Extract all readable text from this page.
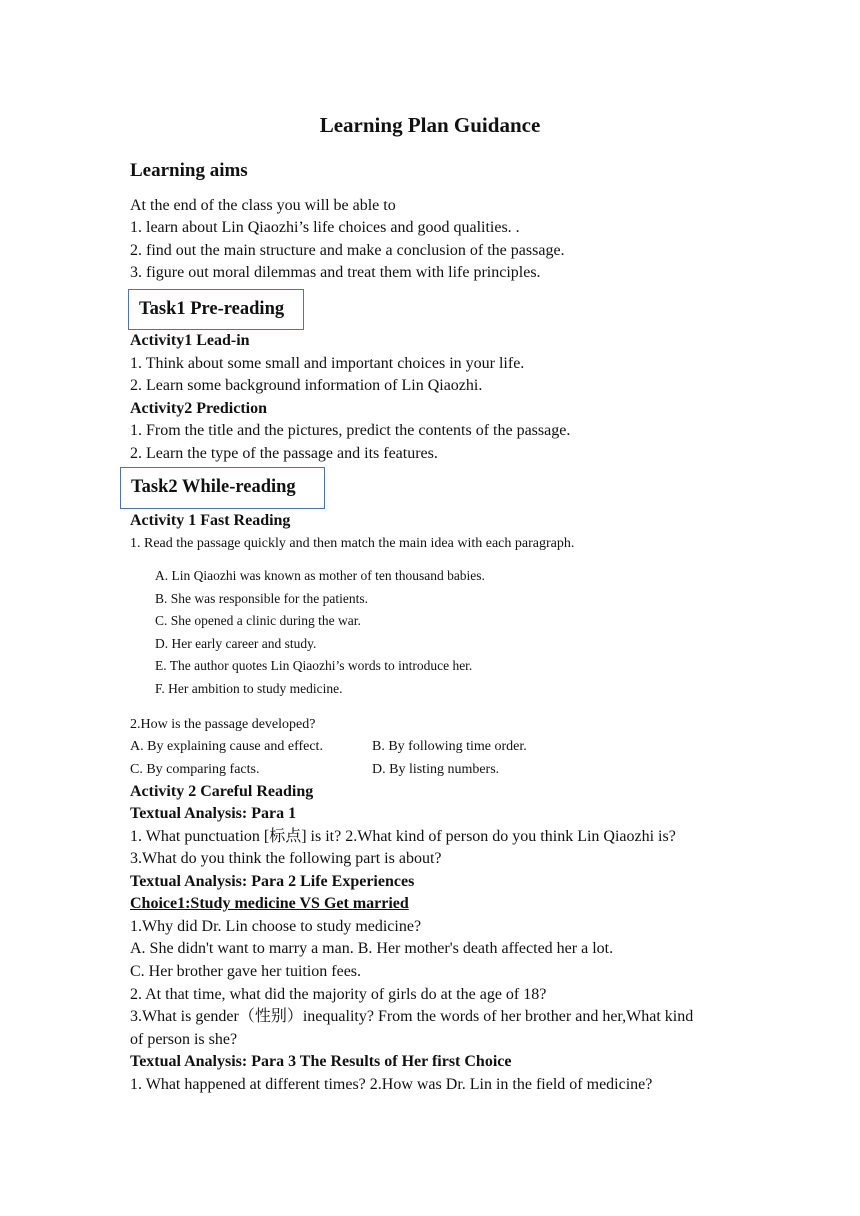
Learning Plan Guidance
Learning aims
At the end of the class you will be able to
1. learn about Lin Qiaozhi’s life choices and good qualities. .
2. find out the main structure and make a conclusion of the passage.
3. figure out moral dilemmas and treat them with life principles.
Task1 Pre-reading
Activity1 Lead-in
1. Think about some small and important choices in your life.
2. Learn some background information of Lin Qiaozhi.
Activity2 Prediction
1. From the title and the pictures, predict the contents of the passage.
2. Learn the type of the passage and its features.
Task2 While-reading
Activity 1 Fast Reading
1. Read the passage quickly and then match the main idea with each paragraph.
A. Lin Qiaozhi was known as mother of ten thousand babies.
B. She was responsible for the patients.
C. She opened a clinic during the war.
D. Her early career and study.
E. The author quotes Lin Qiaozhi’s words to introduce her.
F. Her ambition to study medicine.
2.How is the passage developed?
A. By explaining cause and effect.	B. By following time order.
C. By comparing facts.	D. By listing numbers.
Activity 2 Careful Reading
Textual Analysis: Para 1
1. What punctuation [标点] is it? 2.What kind of person do you think Lin Qiaozhi is?
3.What do you think the following part is about?
Textual Analysis: Para 2 Life Experiences
Choice1:Study medicine VS Get married
1.Why did Dr. Lin choose to study medicine?
A. She didn't want to marry a man. B. Her mother's death affected her a lot.
C. Her brother gave her tuition fees.
2. At that time, what did the majority of girls do at the age of 18?
3.What is gender（性别）inequality? From the words of her brother and her,What kind
of person is she?
Textual Analysis: Para 3 The Results of Her first Choice
1. What happened at different times? 2.How was Dr. Lin in the field of medicine?
